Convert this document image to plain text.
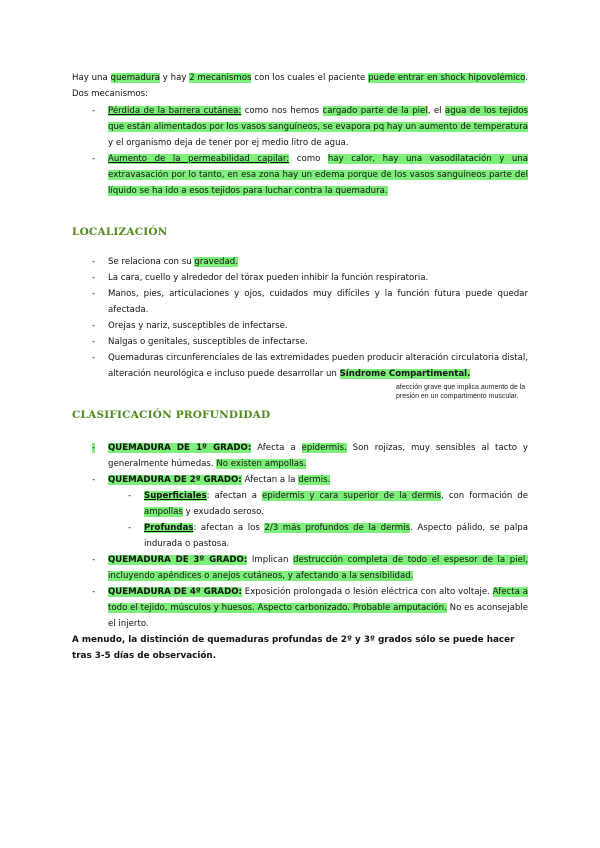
Hay una quemadura y hay 2 mecanismos con los cuales el paciente puede entrar en shock hipovolémico. Dos mecanismos:

- Pérdida de la barrera cutánea: como nos hemos cargado parte de la piel, el agua de los tejidos que están alimentados por los vasos sanguíneos, se evapora pq hay un aumento de temperatura y el organismo deja de tener por ej medio litro de agua.

- Aumento de la permeabilidad capilar: como hay calor, hay una vasodilatación y una extravasación por lo tanto, en esa zona hay un edema porque de los vasos sanguíneos parte del líquido se ha ido a esos tejidos para luchar contra la quemadura.

LOCALIZACIÓN
- Se relaciona con su gravedad.

- La cara, cuello y alrededor del tórax pueden inhibir la función respiratoria.

- Manos, pies, articulaciones y ojos, cuidados muy difíciles y la función futura puede quedar afectada.

- Orejas y nariz, susceptibles de infectarse.

- Nalgas o genitales, susceptibles de infectarse.

- Quemaduras circunferenciales de las extremidades pueden producir alteración circulatoria distal, alteración neurológica e incluso puede desarrollar un Síndrome Compartimental.

afección grave que implica aumento de la presión en un compartimento muscular.
CLASIFICACIÓN PROFUNDIDAD
- QUEMADURA DE 1º GRADO: Afecta a epidermis. Son rojizas, muy sensibles al tacto y generalmente húmedas. No existen ampollas.

- QUEMADURA DE 2º GRADO: Afectan a la dermis.

- Superficiales: afectan a epidermis y cara superior de la dermis, con formación de ampollas y exudado seroso.

- Profundas: afectan a los 2/3 más profundos de la dermis. Aspecto pálido, se palpa indurada o pastosa.

- QUEMADURA DE 3º GRADO: Implican destrucción completa de todo el espesor de la piel, incluyendo apéndices o anejos cutáneos, y afectando a la sensibilidad.

- QUEMADURA DE 4º GRADO: Exposición prolongada o lesión eléctrica con alto voltaje. Afecta a todo el tejido, músculos y huesos. Aspecto carbonizado. Probable amputación. No es aconsejable el injerto.

A menudo, la distinción de quemaduras profundas de 2º y 3º grados sólo se puede hacer tras 3-5 días de observación.
